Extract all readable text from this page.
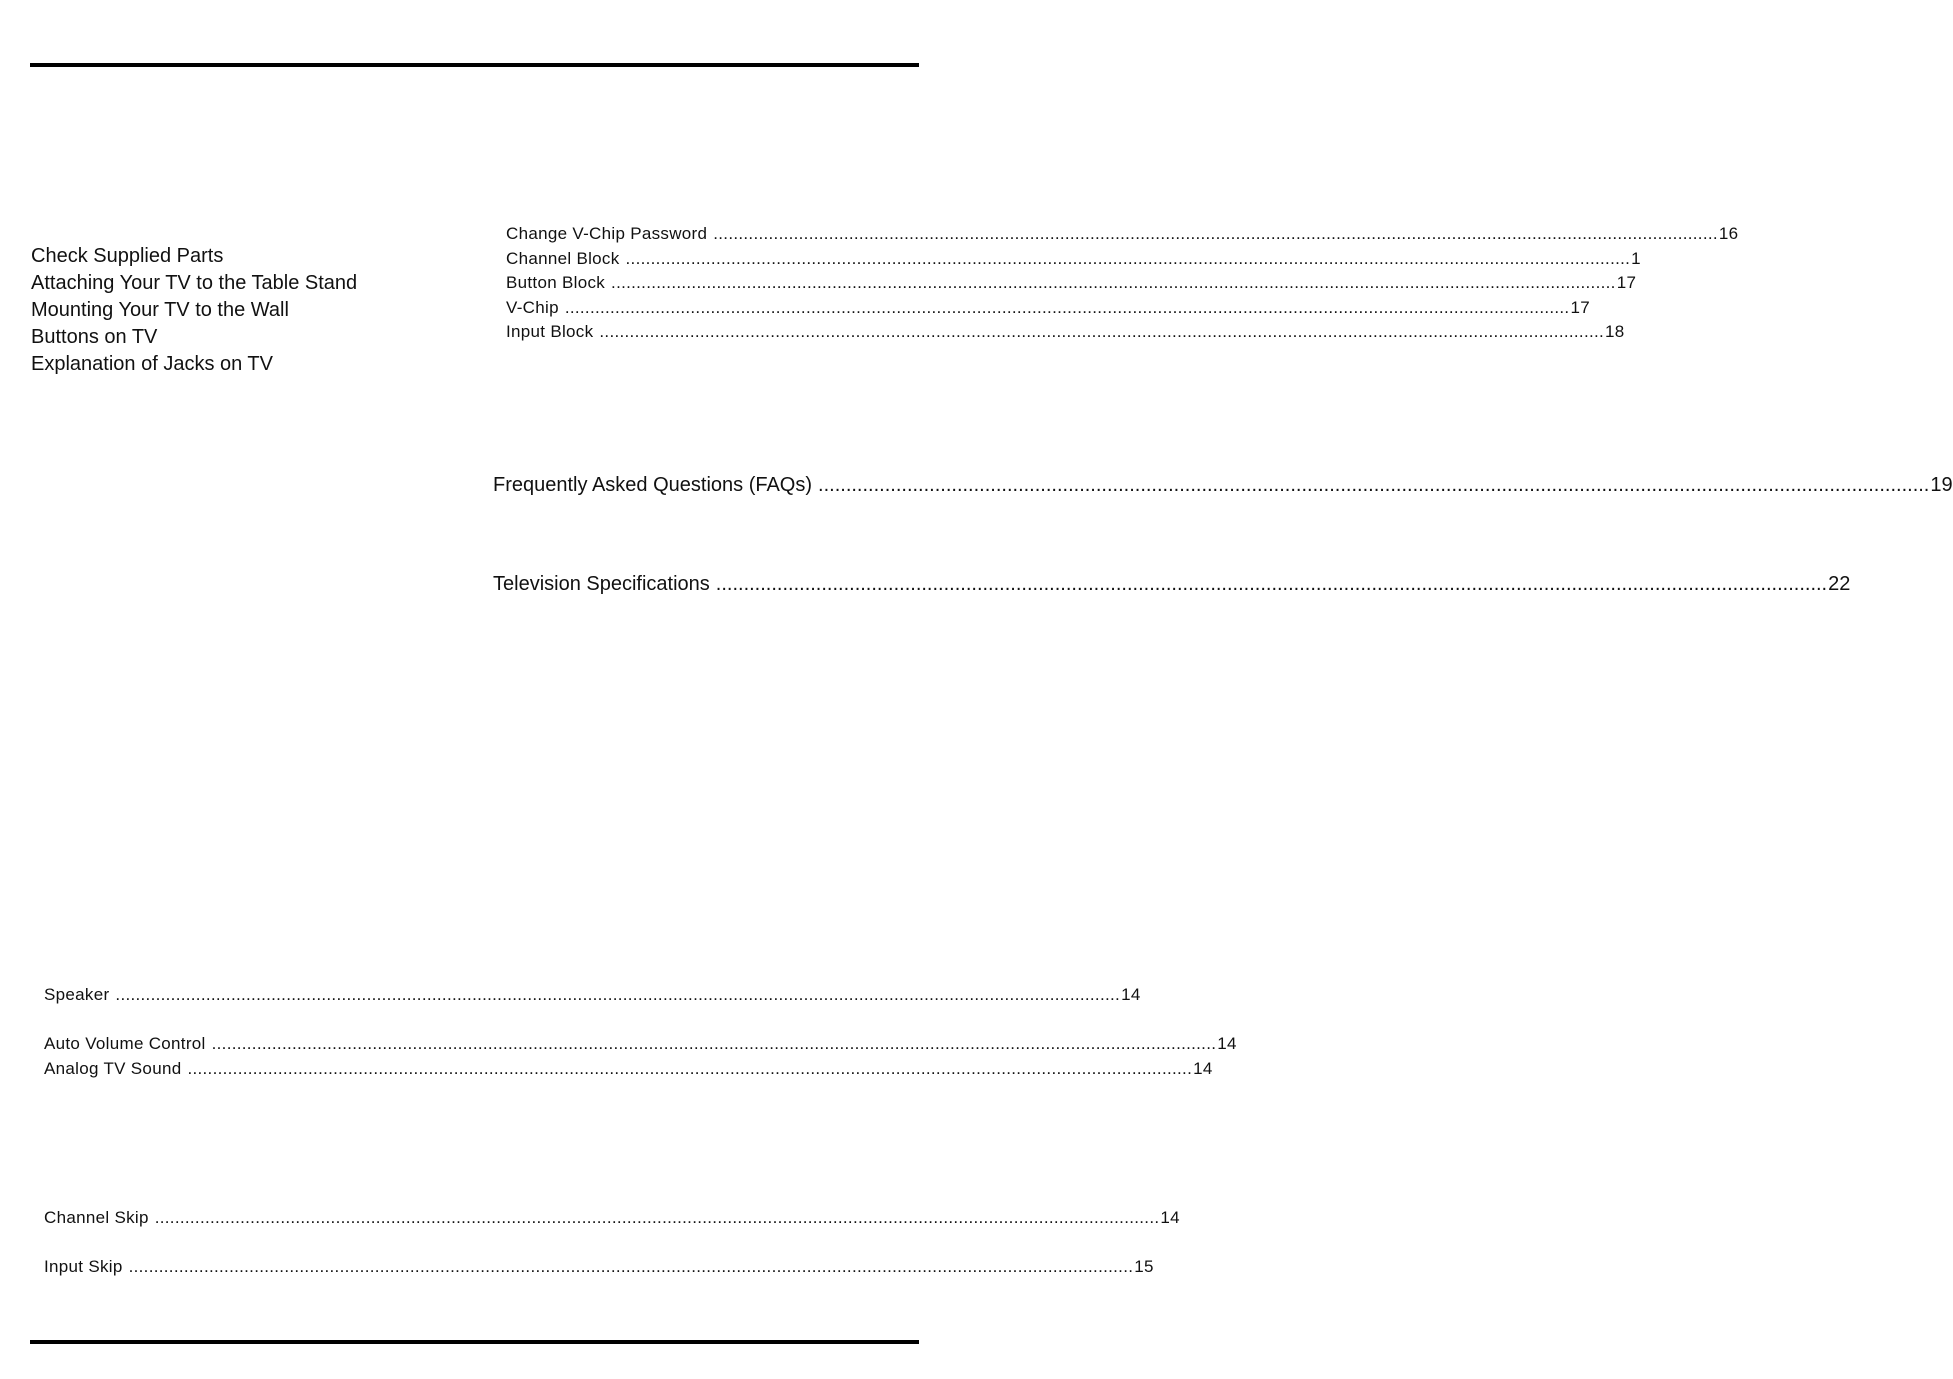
Check Supplied Parts
Attaching Your TV to the Table Stand
Mounting Your TV to the Wall
Buttons on TV
Explanation of Jacks on TV
Change V-Chip Password ........................................................................................................................................................................................................ 16
Channel Block ........................................................................................................................................................................................................ 1
Button Block ........................................................................................................................................................................................................ 17
V-Chip ........................................................................................................................................................................................................ 17
Input Block ........................................................................................................................................................................................................ 18
Frequently Asked Questions (FAQs) ........................................................................................................................................................................................................ 19
Television Specifications ........................................................................................................................................................................................................ 22
Speaker ........................................................................................................................................................................................................ 14
Auto Volume Control ........................................................................................................................................................................................................ 14
Analog TV Sound ........................................................................................................................................................................................................ 14
Channel Skip ........................................................................................................................................................................................................ 14
Input Skip ........................................................................................................................................................................................................ 15
